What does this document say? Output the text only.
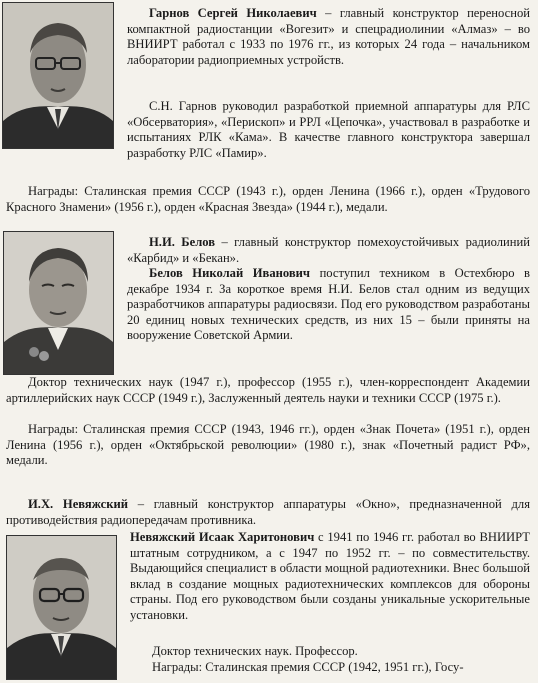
Гарнов Сергей Николаевич – главный конструктор переносной компактной радиостанции «Вогезит» и спецрадиолинии «Алмаз» – во ВНИИРТ работал с 1933 по 1976 гг., из которых 24 года – начальником лаборатории радиоприемных устройств.
С.Н. Гарнов руководил разработкой приемной аппаратуры для РЛС «Обсерватория», «Перископ» и РРЛ «Цепочка», участвовал в разработке и испытаниях РЛК «Кама». В качестве главного конструктора завершал разработку РЛС «Памир».
Награды: Сталинская премия СССР (1943 г.), орден Ленина (1966 г.), орден «Трудового Красного Знамени» (1956 г.), орден «Красная Звезда» (1944 г.), медали.
Н.И. Белов – главный конструктор помехоустойчивых радиолиний «Карбид» и «Бекан».
Белов Николай Иванович поступил техником в Остехбюро в декабре 1934 г. За короткое время Н.И. Белов стал одним из ведущих разработчиков аппаратуры радиосвязи. Под его руководством разработаны 20 единиц новых технических средств, из них 15 – были приняты на вооружение Советской Армии.
Доктор технических наук (1947 г.), профессор (1955 г.), член-корреспондент Академии артиллерийских наук СССР (1949 г.), Заслуженный деятель науки и техники СССР (1975 г.).
Награды: Сталинская премия СССР (1943, 1946 гг.), орден «Знак Почета» (1951 г.), орден Ленина (1956 г.), орден «Октябрьской революции» (1980 г.), знак «Почетный радист РФ», медали.
И.Х. Невяжский – главный конструктор аппаратуры «Окно», предназначенной для противодействия радиопередачам противника.
Невяжский Исаак Харитонович с 1941 по 1946 гг. работал во ВНИИРТ штатным сотрудником, а с 1947 по 1952 гг. – по совместительству. Выдающийся специалист в области мощной радиотехники. Внес большой вклад в создание мощных радиотехнических комплексов для обороны страны. Под его руководством были созданы уникальные ускорительные установки.
Доктор технических наук. Профессор.
Награды: Сталинская премия СССР (1942, 1951 гг.), Госу-
